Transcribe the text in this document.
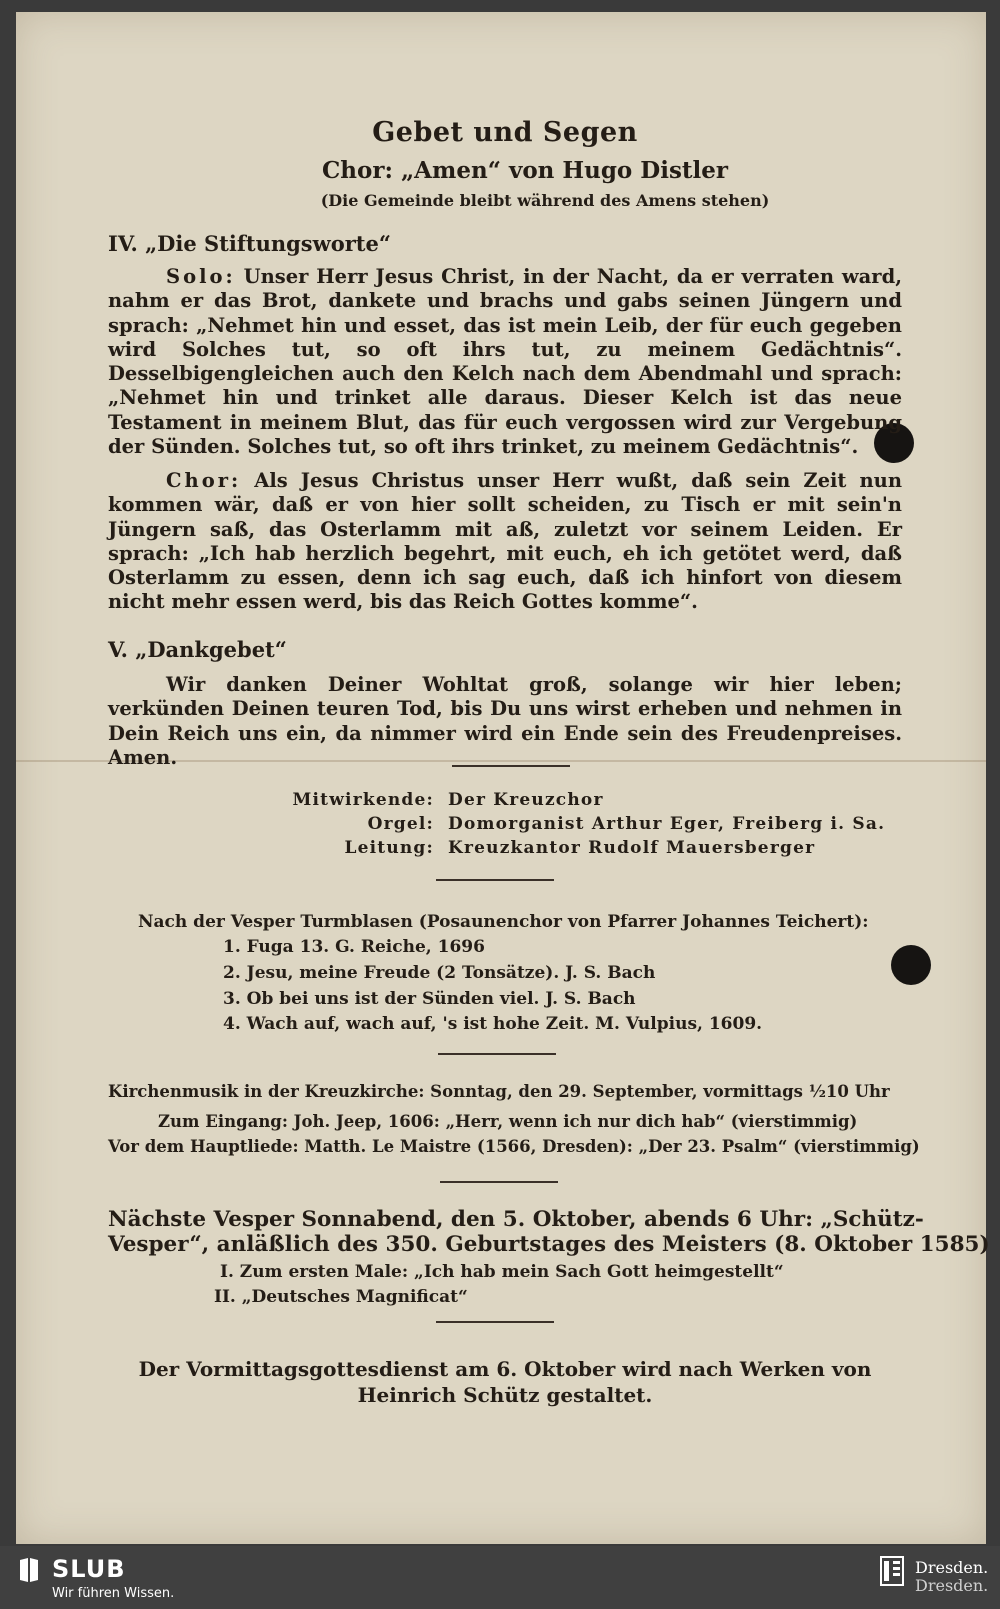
Gebet und Segen
Chor: „Amen“ von Hugo Distler
(Die Gemeinde bleibt während des Amens stehen)
IV. „Die Stiftungsworte“
Solo: Unser Herr Jesus Christ, in der Nacht, da er verraten ward, nahm er das Brot, dankete und brachs und gabs seinen Jüngern und sprach: „Nehmet hin und esset, das ist mein Leib, der für euch gegeben wird Solches tut, so oft ihrs tut, zu meinem Gedächtnis“. Desselbigengleichen auch den Kelch nach dem Abendmahl und sprach: „Nehmet hin und trinket alle daraus. Dieser Kelch ist das neue Testament in meinem Blut, das für euch vergossen wird zur Vergebung der Sünden. Solches tut, so oft ihrs trinket, zu meinem Gedächtnis“.
Chor: Als Jesus Christus unser Herr wußt, daß sein Zeit nun kommen wär, daß er von hier sollt scheiden, zu Tisch er mit sein'n Jüngern saß, das Osterlamm mit aß, zuletzt vor seinem Leiden. Er sprach: „Ich hab herzlich begehrt, mit euch, eh ich getötet werd, daß Osterlamm zu essen, denn ich sag euch, daß ich hinfort von diesem nicht mehr essen werd, bis das Reich Gottes komme“.
V. „Dankgebet“
Wir danken Deiner Wohltat groß, solange wir hier leben; verkünden Deinen teuren Tod, bis Du uns wirst erheben und nehmen in Dein Reich uns ein, da nimmer wird ein Ende sein des Freudenpreises. Amen.
Mitwirkende: Der Kreuzchor
Orgel: Domorganist Arthur Eger, Freiberg i. Sa.
Leitung: Kreuzkantor Rudolf Mauersberger
Nach der Vesper Turmblasen (Posaunenchor von Pfarrer Johannes Teichert):
1. Fuga 13. G. Reiche, 1696
2. Jesu, meine Freude (2 Tonsätze). J. S. Bach
3. Ob bei uns ist der Sünden viel. J. S. Bach
4. Wach auf, wach auf, 's ist hohe Zeit. M. Vulpius, 1609.
Kirchenmusik in der Kreuzkirche: Sonntag, den 29. September, vormittags ½10 Uhr
Zum Eingang: Joh. Jeep, 1606: „Herr, wenn ich nur dich hab“ (vierstimmig)
Vor dem Hauptliede: Matth. Le Maistre (1566, Dresden): „Der 23. Psalm“ (vierstimmig)
Nächste Vesper Sonnabend, den 5. Oktober, abends 6 Uhr: „Schütz-
Vesper“, anläßlich des 350. Geburtstages des Meisters (8. Oktober 1585)
I. Zum ersten Male: „Ich hab mein Sach Gott heimgestellt“
II. „Deutsches Magnificat“
Der Vormittagsgottesdienst am 6. Oktober wird nach Werken von
Heinrich Schütz gestaltet.
SLUB
Wir führen Wissen.
Dresden.
Dresden.
